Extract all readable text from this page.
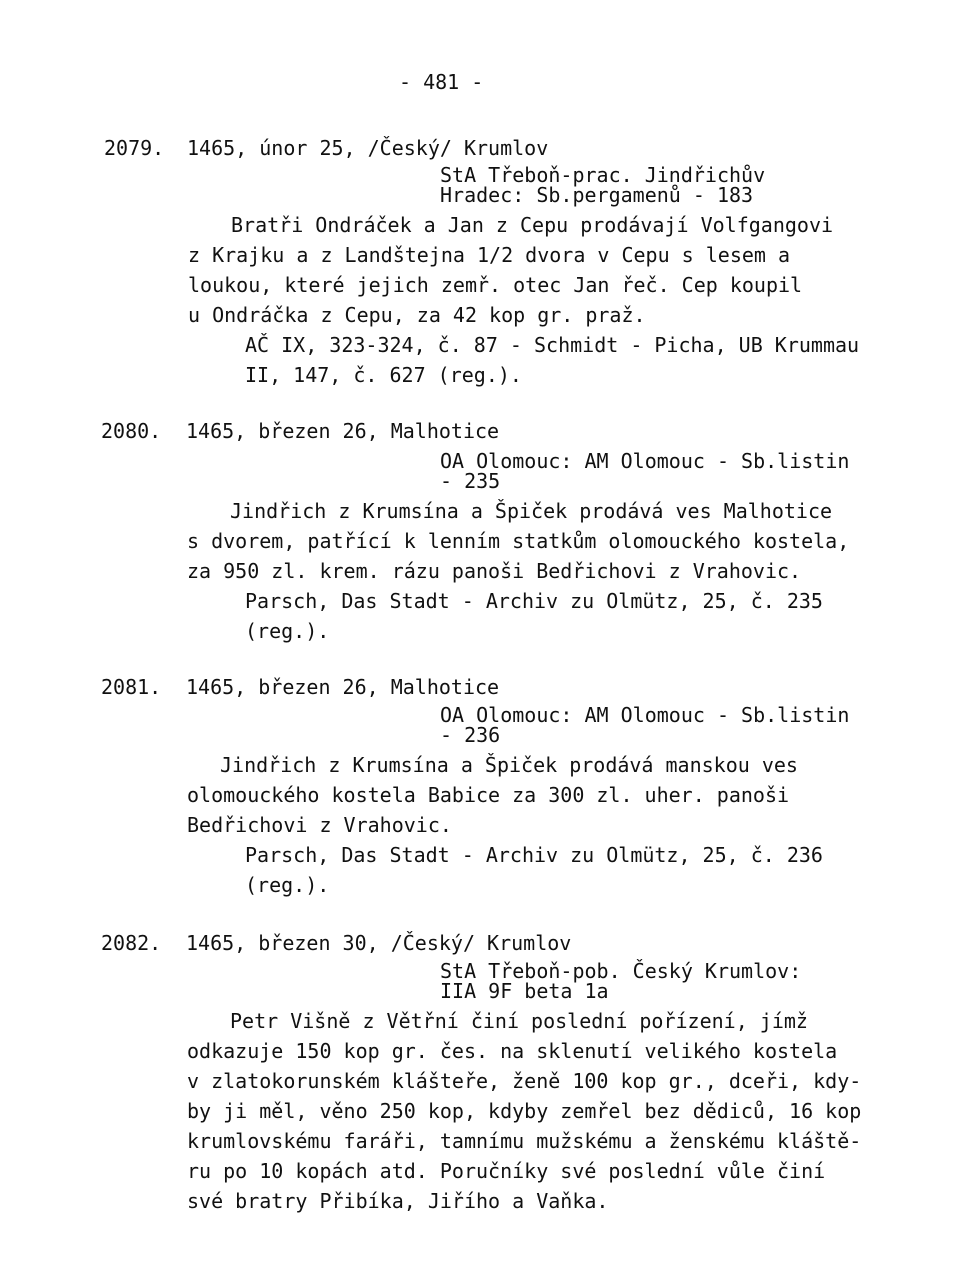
- 481 -
2079. 1465, únor 25, /Český/ Krumlov
StA Třeboň-prac. Jindřichův
Hradec: Sb.pergamenů - 183
Bratři Ondráček a Jan z Cepu prodávají Volfgangovi
z Krajku a z Landštejna 1/2 dvora v Cepu s lesem a
loukou, které jejich zemř. otec Jan řeč. Cep koupil
u Ondráčka z Cepu, za 42 kop gr. praž.
AČ IX, 323-324, č. 87 - Schmidt - Picha, UB Krummau
II, 147, č. 627 (reg.).
2080. 1465, březen 26, Malhotice
OA Olomouc: AM Olomouc - Sb.listin
- 235
Jindřich z Krumsína a Špiček prodává ves Malhotice
s dvorem, patřící k lenním statkům olomouckého kostela,
za 950 zl. krem. rázu panoši Bedřichovi z Vrahovic.
Parsch, Das Stadt - Archiv zu Olmütz, 25, č. 235
(reg.).
2081. 1465, březen 26, Malhotice
OA Olomouc: AM Olomouc - Sb.listin
- 236
Jindřich z Krumsína a Špiček prodává manskou ves
olomouckého kostela Babice za 300 zl. uher. panoši
Bedřichovi z Vrahovic.
Parsch, Das Stadt - Archiv zu Olmütz, 25, č. 236
(reg.).
2082. 1465, březen 30, /Český/ Krumlov
StA Třeboň-pob. Český Krumlov:
IIA 9F beta 1a
Petr Višně z Větřní činí poslední pořízení, jímž
odkazuje 150 kop gr. čes. na sklenutí velikého kostela
v zlatokorunském klášteře, ženě 100 kop gr., dceři, kdy-
by ji měl, věno 250 kop, kdyby zemřel bez dědiců, 16 kop
krumlovskému faráři, tamnímu mužskému a ženskému kláště-
ru po 10 kopách atd. Poručníky své poslední vůle činí
své bratry Přibíka, Jiřího a Vaňka.
